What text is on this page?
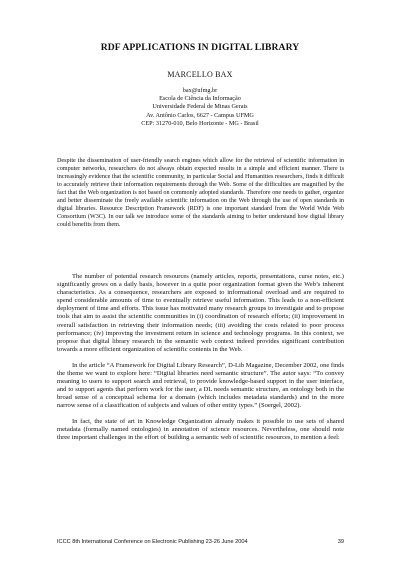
RDF APPLICATIONS IN DIGITAL LIBRARY
MARCELLO BAX
bax@ufmg.br
Escola de Ciência da Informação
Universidade Federal de Minas Gerais
Av. Antônio Carlos, 6627 - Campus UFMG
CEP: 31270-010, Belo Horizonte - MG - Brasil
Despite the dissemination of user-friendly search engines which allow for the retrieval of scientific information in computer networks, researchers do not always obtain expected results in a simple and efficient manner. There is increasingly evidence that the scientific community, in particular Social and Humanities researchers, finds it difficult to accurately retrieve their information requirements through the Web. Some of the difficulties are magnified by the fact that the Web organization is not based on commonly adopted standards. Therefore one needs to gather, organize and better disseminate the freely available scientific information on the Web through the use of open standards in digital libraries. Resource Description Framework (RDF) is one important standard from the World Wide Web Consortium (W3C). In our talk we introduce some of the standards aiming to better understand how digital library could benefits from them.

The number of potential research resources (namely articles, reports, presentations, curse notes, etc.) significantly grows on a daily basis, however in a quite poor organization format given the Web’s inherent characteristics. As a consequence, researchers are exposed to informational overload and are required to spend considerable amounts of time to eventually retrieve useful information. This leads to a non-efficient deployment of time and efforts. This issue has motivated many research groups to investigate and to propose tools that aim to assist the scientific communities in (i) coordination of research efforts; (ii) improvement in overall satisfaction in retrieving their information needs; (iii) avoiding the costs related to poor process performance; (iv) improving the investment return in science and technology programs. In this context, we propose that digital library research in the semantic web context indeed provides significant contribution towards a more efficient organization of scientific contents in the Web.

In the article “A Framework for Digital Library Research”, D-Lib Magazine, December 2002, one finds the theme we want to explore here: “Digital libraries need semantic structure”. The autor says: “To convey meaning to users to support search and retrieval, to provide knowledge-based support in the user interface, and to support agents that perform work for the user, a DL needs semantic structure, an ontology both in the broad sense of a conceptual schema for a domain (which includes metadata standards) and in the more narrow sense of a classification of subjects and values of other entity types.” (Soergel, 2002).

In fact, the state of art in Knowledge Organization already makes it possible to use sets of shared metadata (formally named ontologies) in annotation of science resources. Nevertheless, one should note three important challenges in the effort of building a semantic web of scientific resources, to mention a feel:

ICCC 8th International Conference on Electronic Publishing 23-26 June 2004	39
